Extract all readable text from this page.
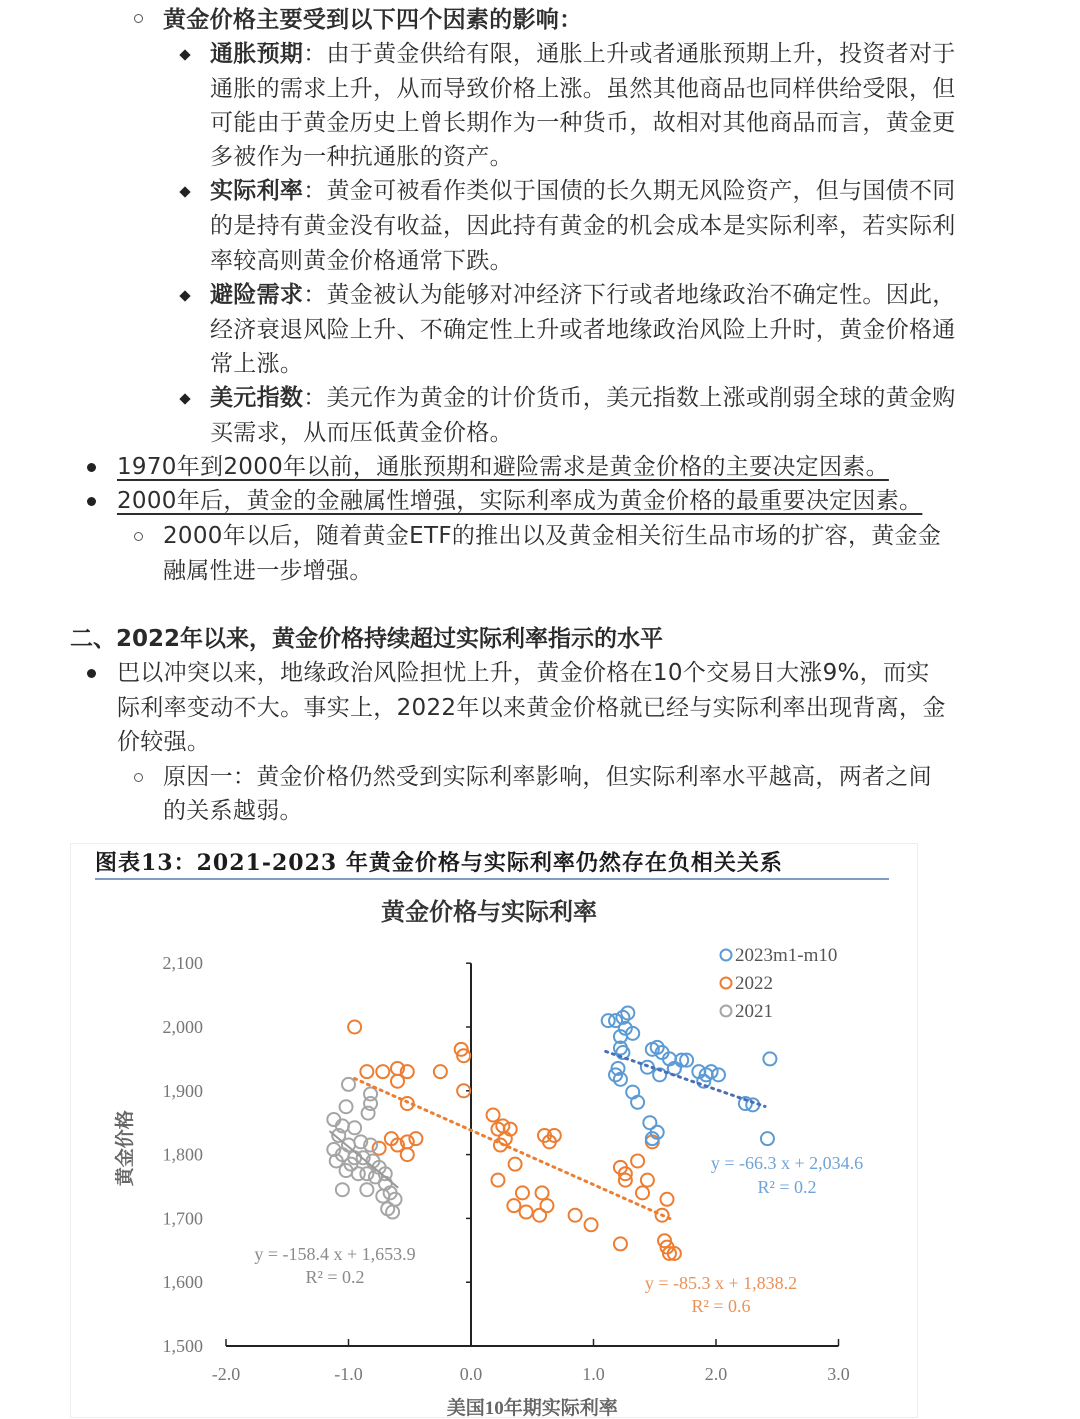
黄金价格主要受到以下四个因素的影响：
通胀预期：由于黄金供给有限，通胀上升或者通胀预期上升，投资者对于
通胀的需求上升，从而导致价格上涨。虽然其他商品也同样供给受限，但
可能由于黄金历史上曾长期作为一种货币，故相对其他商品而言，黄金更
多被作为一种抗通胀的资产。
实际利率：黄金可被看作类似于国债的长久期无风险资产，但与国债不同
的是持有黄金没有收益，因此持有黄金的机会成本是实际利率，若实际利
率较高则黄金价格通常下跌。
避险需求：黄金被认为能够对冲经济下行或者地缘政治不确定性。因此，
经济衰退风险上升、不确定性上升或者地缘政治风险上升时，黄金价格通
常上涨。
美元指数：美元作为黄金的计价货币，美元指数上涨或削弱全球的黄金购
买需求，从而压低黄金价格。
1970年到2000年以前，通胀预期和避险需求是黄金价格的主要决定因素。
2000年后，黄金的金融属性增强，实际利率成为黄金价格的最重要决定因素。
2000年以后，随着黄金ETF的推出以及黄金相关衍生品市场的扩容，黄金金
融属性进一步增强。
二、2022年以来，黄金价格持续超过实际利率指示的水平
巴以冲突以来，地缘政治风险担忧上升，黄金价格在10个交易日大涨9%，而实
际利率变动不大。事实上，2022年以来黄金价格就已经与实际利率出现背离，金
价较强。
原因一：黄金价格仍然受到实际利率影响，但实际利率水平越高，两者之间
的关系越弱。
图表13：2021-2023 年黄金价格与实际利率仍然存在负相关关系
黄金价格与实际利率
1,500
1,600
1,700
1,800
1,900
2,000
2,100
黄金价格
-2.0	-1.0	0.0	1.0	2.0	3.0
美国10年期实际利率
y = -66.3 x + 2,034.6
R² = 0.2
y = -85.3 x + 1,838.2
R² = 0.6
y = -158.4 x + 1,653.9
R² = 0.2
2023m1-m10
2022
2021
